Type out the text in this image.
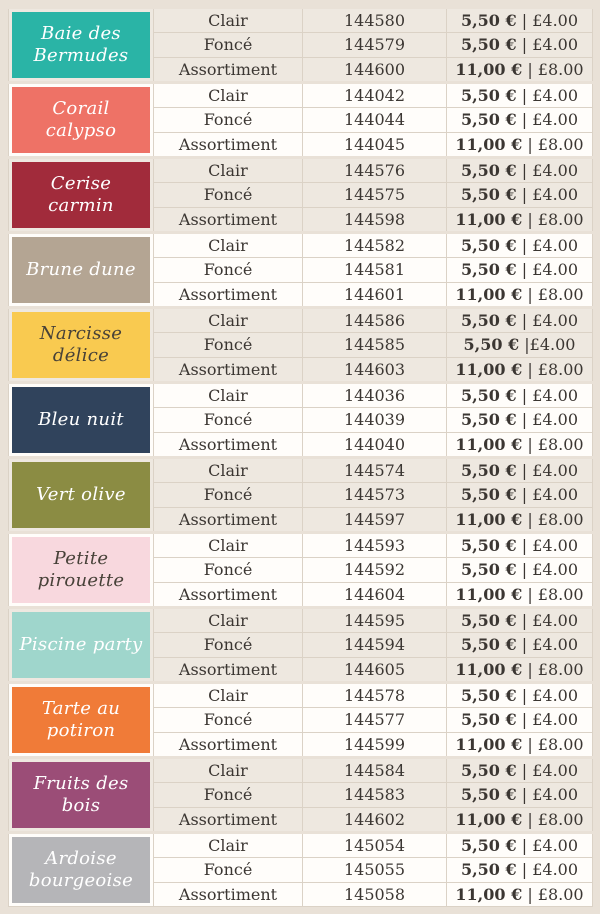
Baie des Bermudes	Clair	144580	5,50 € | £4.00
	Foncé	144579	5,50 € | £4.00
	Assortiment	144600	11,00 € | £8.00

Corail calypso	Clair	144042	5,50 € | £4.00
	Foncé	144044	5,50 € | £4.00
	Assortiment	144045	11,00 € | £8.00

Cerise carmin	Clair	144576	5,50 € | £4.00
	Foncé	144575	5,50 € | £4.00
	Assortiment	144598	11,00 € | £8.00

Brune dune	Clair	144582	5,50 € | £4.00
	Foncé	144581	5,50 € | £4.00
	Assortiment	144601	11,00 € | £8.00

Narcisse délice	Clair	144586	5,50 € | £4.00
	Foncé	144585	5,50 € |£4.00
	Assortiment	144603	11,00 € | £8.00

Bleu nuit	Clair	144036	5,50 € | £4.00
	Foncé	144039	5,50 € | £4.00
	Assortiment	144040	11,00 € | £8.00

Vert olive	Clair	144574	5,50 € | £4.00
	Foncé	144573	5,50 € | £4.00
	Assortiment	144597	11,00 € | £8.00

Petite pirouette	Clair	144593	5,50 € | £4.00
	Foncé	144592	5,50 € | £4.00
	Assortiment	144604	11,00 € | £8.00

Piscine party	Clair	144595	5,50 € | £4.00
	Foncé	144594	5,50 € | £4.00
	Assortiment	144605	11,00 € | £8.00

Tarte au potiron	Clair	144578	5,50 € | £4.00
	Foncé	144577	5,50 € | £4.00
	Assortiment	144599	11,00 € | £8.00

Fruits des bois	Clair	144584	5,50 € | £4.00
	Foncé	144583	5,50 € | £4.00
	Assortiment	144602	11,00 € | £8.00

Ardoise bourgeoise	Clair	145054	5,50 € | £4.00
	Foncé	145055	5,50 € | £4.00
	Assortiment	145058	11,00 € | £8.00
